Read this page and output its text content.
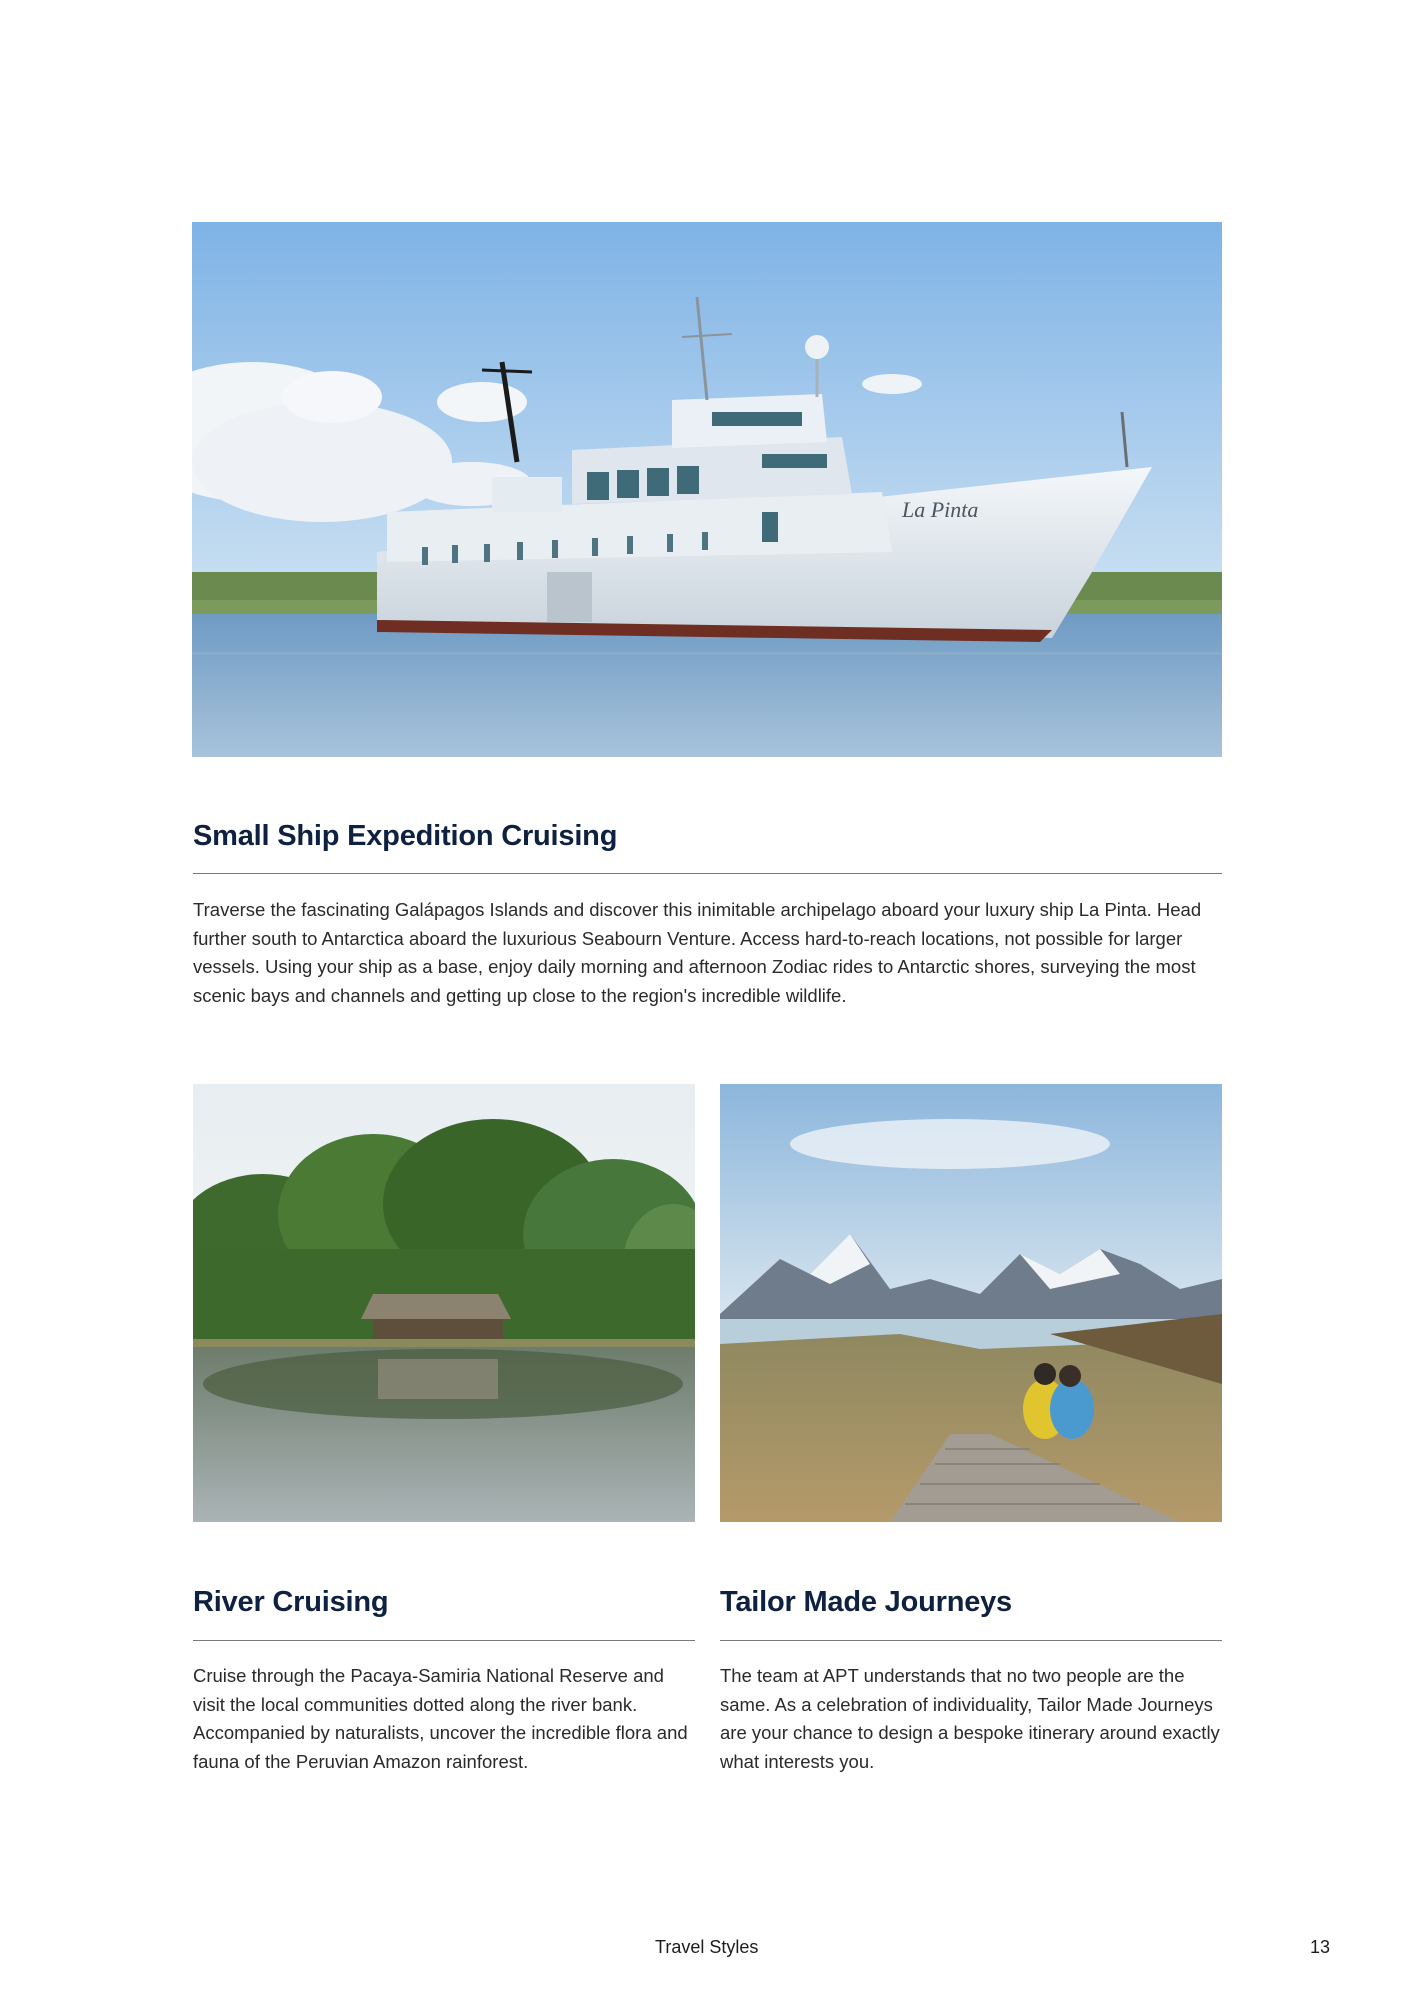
La Pinta
Small Ship Expedition Cruising

Traverse the fascinating Galápagos Islands and discover this inimitable archipelago aboard your luxury ship La Pinta. Head further south to Antarctica aboard the luxurious Seabourn Venture. Access hard-to-reach locations, not possible for larger vessels. Using your ship as a base, enjoy daily morning and afternoon Zodiac rides to Antarctic shores, surveying the most scenic bays and channels and getting up close to the region's incredible wildlife.

River Cruising

Cruise through the Pacaya-Samiria National Reserve and visit the local communities dotted along the river bank. Accompanied by naturalists, uncover the incredible flora and fauna of the Peruvian Amazon rainforest.

Tailor Made Journeys

The team at APT understands that no two people are the same. As a celebration of individuality, Tailor Made Journeys are your chance to design a bespoke itinerary around exactly what interests you.

Travel Styles	13
